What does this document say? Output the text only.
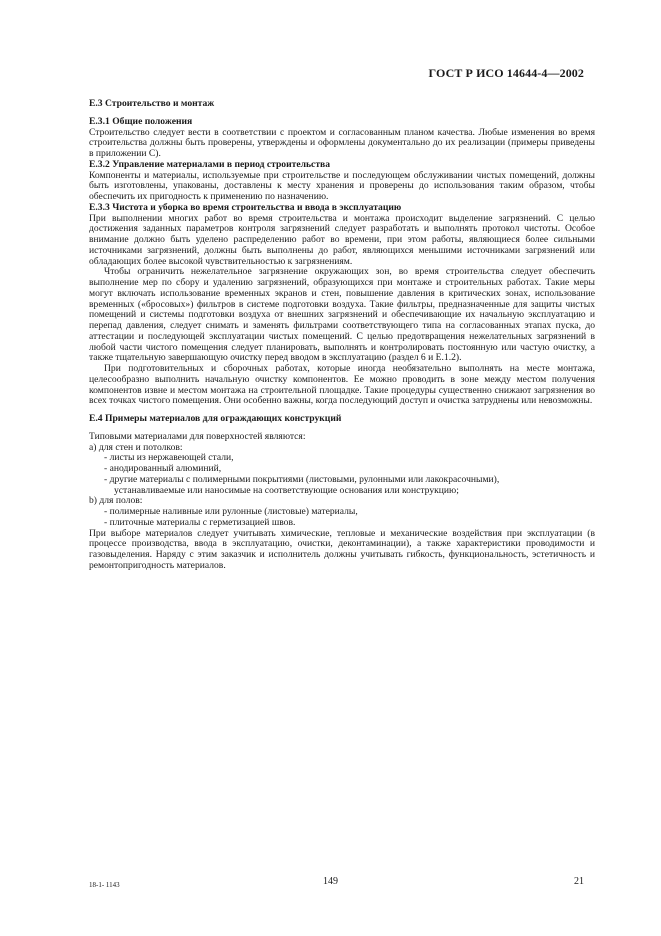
ГОСТ Р ИСО 14644-4—2002
Е.3 Строительство и монтаж
Е.3.1 Общие положения

Строительство следует вести в соответствии с проектом и согласованным планом качества. Любые изменения во время строительства должны быть проверены, утверждены и оформлены документально до их реализации (примеры приведены в приложении С).

Е.3.2 Управление материалами в период строительства

Компоненты и материалы, используемые при строительстве и последующем обслуживании чистых помещений, должны быть изготовлены, упакованы, доставлены к месту хранения и проверены до использования таким образом, чтобы обеспечить их пригодность к применению по назначению.

Е.3.3 Чистота и уборка во время строительства и ввода в эксплуатацию

При выполнении многих работ во время строительства и монтажа происходит выделение загрязнений. С целью достижения заданных параметров контроля загрязнений следует разработать и выполнять протокол чистоты. Особое внимание должно быть уделено распределению работ во времени, при этом работы, являющиеся более сильными источниками загрязнений, должны быть выполнены до работ, являющихся меньшими источниками загрязнений или обладающих более высокой чувствительностью к загрязнениям.

Чтобы ограничить нежелательное загрязнение окружающих зон, во время строительства следует обеспечить выполнение мер по сбору и удалению загрязнений, образующихся при монтаже и строительных работах. Такие меры могут включать использование временных экранов и стен, повышение давления в критических зонах, использование временных («бросовых») фильтров в системе подготовки воздуха. Такие фильтры, предназначенные для защиты чистых помещений и системы подготовки воздуха от внешних загрязнений и обеспечивающие их начальную эксплуатацию и перепад давления, следует снимать и заменять фильтрами соответствующего типа на согласованных этапах пуска, до аттестации и последующей эксплуатации чистых помещений. С целью предотвращения нежелательных загрязнений в любой части чистого помещения следует планировать, выполнять и контролировать постоянную или частую очистку, а также тщательную завершающую очистку перед вводом в эксплуатацию (раздел 6 и Е.1.2).

При подготовительных и сборочных работах, которые иногда необязательно выполнять на месте монтажа, целесообразно выполнить начальную очистку компонентов. Ее можно проводить в зоне между местом получения компонентов извне и местом монтажа на строительной площадке. Такие процедуры существенно снижают загрязнения во всех точках чистого помещения. Они особенно важны, когда последующий доступ и очистка затруднены или невозможны.

Е.4 Примеры материалов для ограждающих конструкций

Типовыми материалами для поверхностей являются:

а) для стен и потолков:
- листы из нержавеющей стали,
- анодированный алюминий,
- другие материалы с полимерными покрытиями (листовыми, рулонными или лакокрасочными),
устанавливаемые или наносимые на соответствующие основания или конструкцию;
b) для полов:
- полимерные наливные или рулонные (листовые) материалы,
- плиточные материалы с герметизацией швов.

При выборе материалов следует учитывать химические, тепловые и механические воздействия при эксплуатации (в процессе производства, ввода в эксплуатацию, очистки, деконтаминации), а также характеристики проводимости и газовыделения. Наряду с этим заказчик и исполнитель должны учитывать гибкость, функциональность, эстетичность и ремонтопригодность материалов.

18-1- 1143	149	21
